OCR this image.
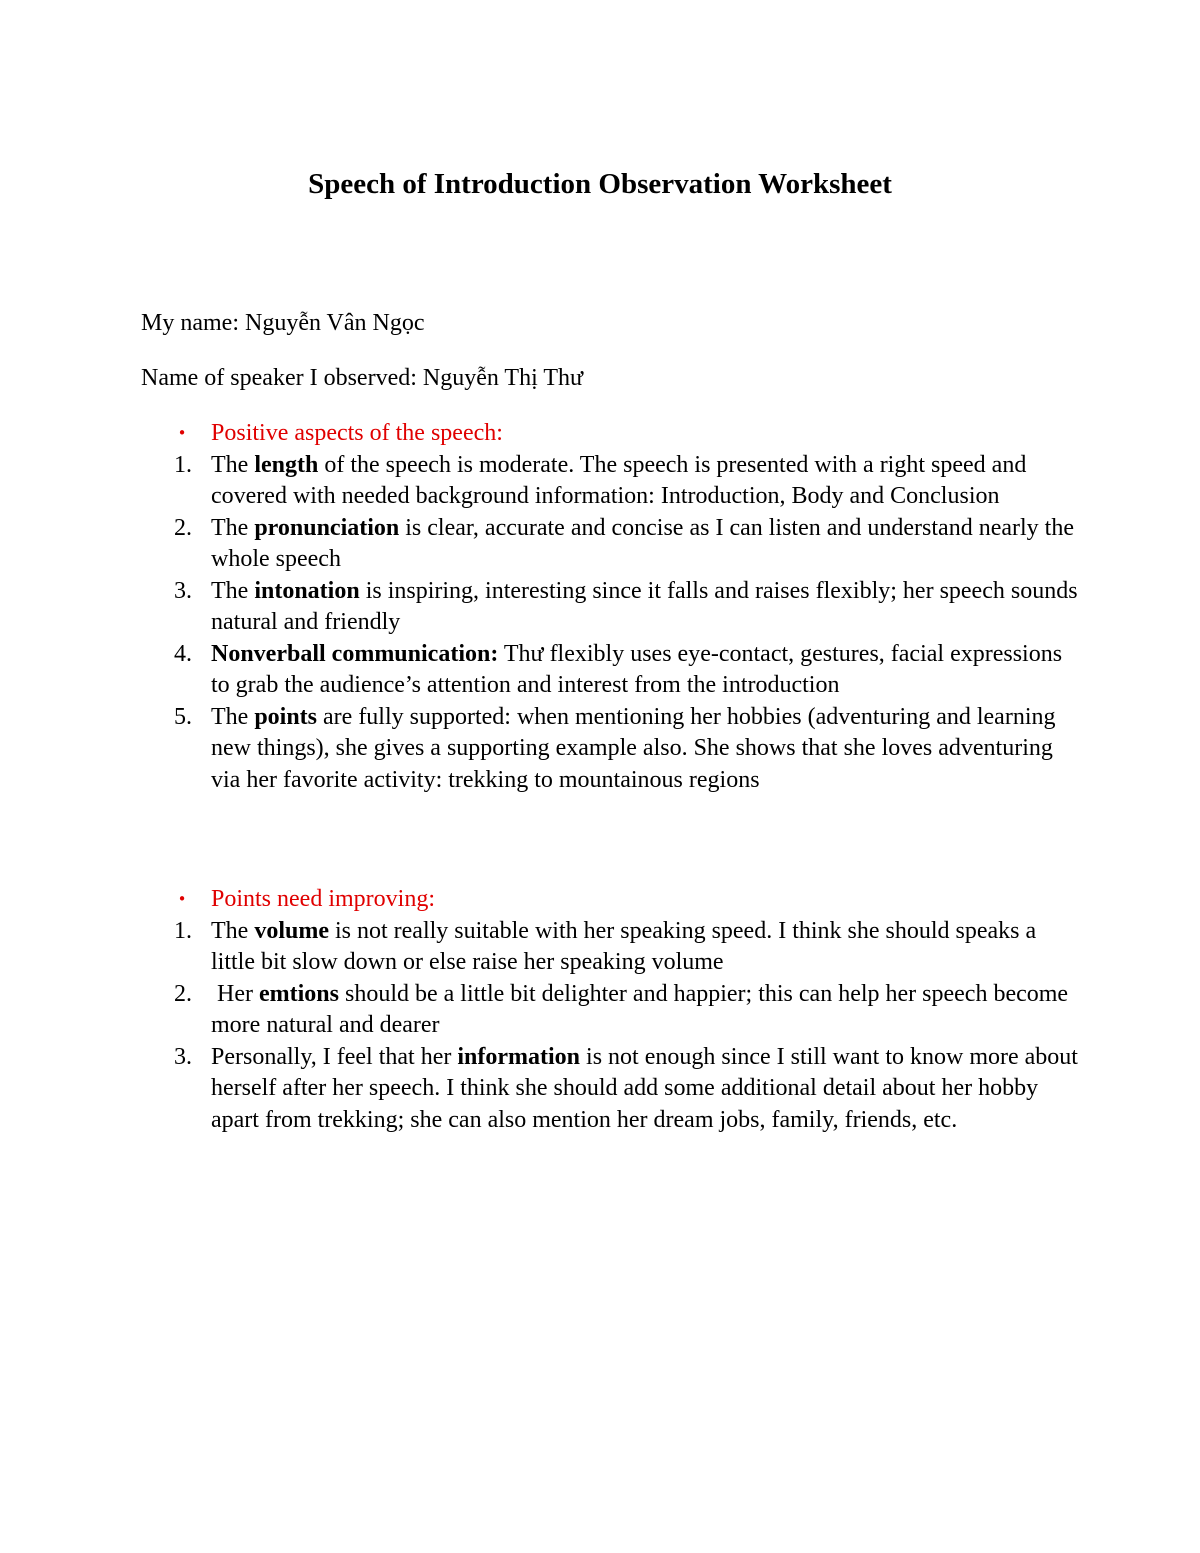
Speech of Introduction Observation Worksheet
My name: Nguyễn Vân Ngọc
Name of speaker I observed: Nguyễn Thị Thư
• Positive aspects of the speech:
1. The length of the speech is moderate. The speech is presented with a right speed and covered with needed background information: Introduction, Body and Conclusion
2. The pronunciation is clear, accurate and concise as I can listen and understand nearly the whole speech
3. The intonation is inspiring, interesting since it falls and raises flexibly; her speech sounds natural and friendly
4. Nonverball communication: Thư flexibly uses eye-contact, gestures, facial expressions to grab the audience’s attention and interest from the introduction
5. The points are fully supported: when mentioning her hobbies (adventuring and learning new things), she gives a supporting example also. She shows that she loves adventuring via her favorite activity: trekking to mountainous regions
• Points need improving:
1. The volume is not really suitable with her speaking speed. I think she should speaks a little bit slow down or else raise her speaking volume
2. Her emtions should be a little bit delighter and happier; this can help her speech become more natural and dearer
3. Personally, I feel that her information is not enough since I still want to know more about herself after her speech. I think she should add some additional detail about her hobby apart from trekking; she can also mention her dream jobs, family, friends, etc.
